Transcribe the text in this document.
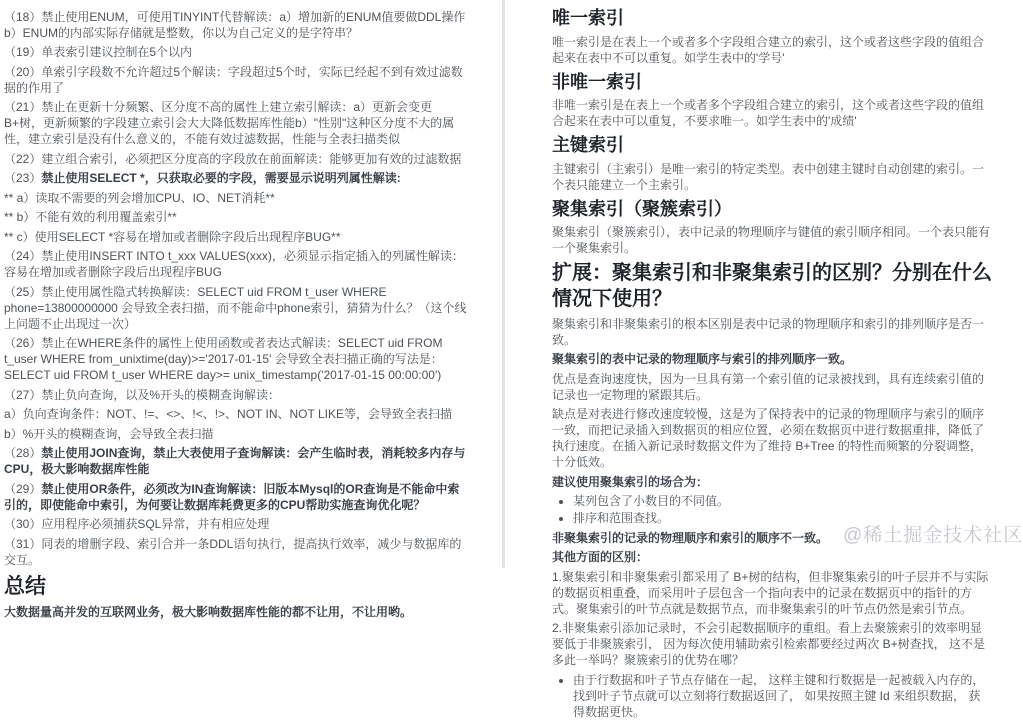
（18）禁止使用ENUM，可使用TINYINT代替解读：a）增加新的ENUM值要做DDL操作b）ENUM的内部实际存储就是整数，你以为自己定义的是字符串？

（19）单表索引建议控制在5个以内

（20）单索引字段数不允许超过5个解读：字段超过5个时，实际已经起不到有效过滤数据的作用了

（21）禁止在更新十分频繁、区分度不高的属性上建立索引解读：a）更新会变更B+树，更新频繁的字段建立索引会大大降低数据库性能b）"性别"这种区分度不大的属性，建立索引是没有什么意义的，不能有效过滤数据，性能与全表扫描类似

（22）建立组合索引，必须把区分度高的字段放在前面解读：能够更加有效的过滤数据

（23）禁止使用SELECT *，只获取必要的字段，需要显示说明列属性解读:

** a）读取不需要的列会增加CPU、IO、NET消耗**

** b）不能有效的利用覆盖索引**

** c）使用SELECT *容易在增加或者删除字段后出现程序BUG**

（24）禁止使用INSERT INTO t_xxx VALUES(xxx)，必须显示指定插入的列属性解读：容易在增加或者删除字段后出现程序BUG

（25）禁止使用属性隐式转换解读：SELECT uid FROM t_user WHERE phone=13800000000 会导致全表扫描，而不能命中phone索引，猜猜为什么？（这个线上问题不止出现过一次）

（26）禁止在WHERE条件的属性上使用函数或者表达式解读：SELECT uid FROM t_user WHERE from_unixtime(day)>='2017-01-15' 会导致全表扫描正确的写法是：SELECT uid FROM t_user WHERE day>= unix_timestamp('2017-01-15 00:00:00')

（27）禁止负向查询，以及%开头的模糊查询解读：

a）负向查询条件：NOT、!=、<>、!<、!>、NOT IN、NOT LIKE等，会导致全表扫描

b）%开头的模糊查询，会导致全表扫描

（28）禁止使用JOIN查询，禁止大表使用子查询解读：会产生临时表，消耗较多内存与CPU，极大影响数据库性能

（29）禁止使用OR条件，必须改为IN查询解读：旧版本Mysql的OR查询是不能命中索引的，即使能命中索引，为何要让数据库耗费更多的CPU帮助实施查询优化呢？

（30）应用程序必须捕获SQL异常，并有相应处理

（31）同表的增删字段、索引合并一条DDL语句执行，提高执行效率，减少与数据库的交互。

总结

大数据量高并发的互联网业务，极大影响数据库性能的都不让用，不让用哟。

唯一索引

唯一索引是在表上一个或者多个字段组合建立的索引，这个或者这些字段的值组合起来在表中不可以重复。如学生表中的'学号'

非唯一索引

非唯一索引是在表上一个或者多个字段组合建立的索引，这个或者这些字段的值组合起来在表中可以重复，不要求唯一。如学生表中的'成绩'

主键索引

主键索引（主索引）是唯一索引的特定类型。表中创建主键时自动创建的索引。一个表只能建立一个主索引。

聚集索引（聚簇索引）

聚集索引（聚簇索引），表中记录的物理顺序与键值的索引顺序相同。一个表只能有一个聚集索引。

扩展：聚集索引和非聚集索引的区别？分别在什么情况下使用？

聚集索引和非聚集索引的根本区别是表中记录的物理顺序和索引的排列顺序是否一致。

聚集索引的表中记录的物理顺序与索引的排列顺序一致。

优点是查询速度快，因为一旦具有第一个索引值的记录被找到，具有连续索引值的记录也一定物理的紧跟其后。

缺点是对表进行修改速度较慢，这是为了保持表中的记录的物理顺序与索引的顺序一致，而把记录插入到数据页的相应位置，必须在数据页中进行数据重排，降低了执行速度。在插入新记录时数据文件为了维持 B+Tree 的特性而频繁的分裂调整，十分低效。

建议使用聚集索引的场合为：

• 某列包含了小数目的不同值。
• 排序和范围查找。

非聚集索引的记录的物理顺序和索引的顺序不一致。

其他方面的区别：

1.聚集索引和非聚集索引都采用了 B+树的结构，但非聚集索引的叶子层并不与实际的数据页相重叠，而采用叶子层包含一个指向表中的记录在数据页中的指针的方式。聚集索引的叶节点就是数据节点，而非聚集索引的叶节点仍然是索引节点。

2.非聚集索引添加记录时，不会引起数据顺序的重组。看上去聚簇索引的效率明显要低于非聚簇索引， 因为每次使用辅助索引检索都要经过两次 B+树查找， 这不是多此一举吗？聚簇索引的优势在哪？

• 由于行数据和叶子节点存储在一起， 这样主键和行数据是一起被载入内存的，找到叶子节点就可以立刻将行数据返回了， 如果按照主键 Id 来组织数据， 获得数据更快。
@稀土掘金技术社区
